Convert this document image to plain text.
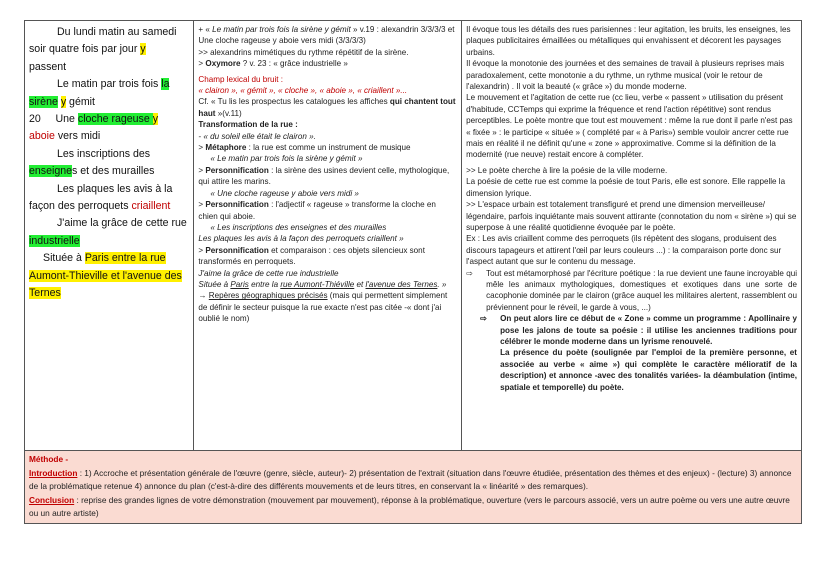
Du lundi matin au samedi
soir quatre fois par jour y
passent
Le matin par trois fois la
sirène y gémit
20     Une cloche rageuse y
aboie vers midi
Les inscriptions des
enseignes et des murailles
Les plaques les avis à la
façon des perroquets criaillent
J'aime la grâce de cette rue
industrielle
Située à Paris entre la rue
Aumont-Thieville et l'avenue des
Ternes

+ « Le matin par trois fois la sirène y gémit » v.19 : alexandrin 3/3/3/3 et Une cloche rageuse y aboie vers midi (3/3/3/3)

>> alexandrins mimétiques du rythme répétitif de la sirène.

> Oxymore ? v. 23 : « grâce industrielle »

Champ lexical du bruit :

« clairon », « gémit », « cloche », « aboie », « criaillent »...

Cf. « Tu lis les prospectus les catalogues les affiches qui chantent tout haut »(v.11)

Transformation de la rue :

- « du soleil elle était le clairon ».

> Métaphore : la rue est comme un instrument de musique

« Le matin par trois fois la sirène y gémit »

> Personnification : la sirène des usines devient celle, mythologique, qui attire les marins.

« Une cloche rageuse y aboie vers midi »

> Personnification : l'adjectif « rageuse » transforme la cloche en chien qui aboie.

« Les inscriptions des enseignes et des murailles

Les plaques les avis à la façon des perroquets criaillent »

> Personnification et comparaison : ces objets silencieux sont transformés en perroquets.

J'aime la grâce de cette rue industrielle

Située à Paris entre la rue Aumont-Thiéville et l'avenue des Ternes. »

→ Repères géographiques précisés (mais qui permettent simplement de définir le secteur puisque la rue exacte n'est pas citée -« dont j'ai oublié le nom)

Il évoque tous les détails des rues parisiennes : leur agitation, les bruits, les enseignes, les plaques publicitaires émaillées ou métalliques qui envahissent et décorent les paysages urbains.

Il évoque la monotonie des journées et des semaines de travail à plusieurs reprises mais paradoxalement, cette monotonie a du rythme, un rythme musical (voir le retour de l'alexandrin) . Il voit la beauté (« grâce ») du monde moderne.

Le mouvement et l'agitation de cette rue (cc lieu, verbe « passent » utilisation du présent d'habitude, CCTemps qui exprime la fréquence et rend l'action répétitive) sont rendus perceptibles. Le poète montre que tout est mouvement : même la rue dont il parle n'est pas « fixée » : le participe « située » ( complété par « à Paris») semble vouloir ancrer cette rue mais en réalité il ne définit qu'une « zone » approximative. Comme si la définition de la modernité (rue neuve) restait encore à compléter.

>> Le poète cherche à lire la poésie de la ville moderne.

La poésie de cette rue est comme la poésie de tout Paris, elle est sonore. Elle rappelle la dimension lyrique.

>> L'espace urbain est totalement transfiguré et prend une dimension merveilleuse/ légendaire, parfois inquiétante mais souvent attirante (connotation du nom « sirène ») qui se superpose à une réalité quotidienne évoquée par le poète.

Ex : Les avis criaillent comme des perroquets (ils répètent des slogans, produisent des discours tapageurs et attirent l'œil par leurs couleurs ...) : la comparaison porte donc sur l'aspect autant que sur le contenu du message.

⇨	Tout est métamorphosé par l'écriture poétique : la rue devient une faune incroyable qui mêle les animaux mythologiques, domestiques et exotiques dans une sorte de cacophonie dominée par le clairon (grâce auquel les militaires alertent, rassemblent ou préviennent pour le réveil, le garde à vous, ...)
⇨	On peut alors lire ce début de « Zone » comme un programme : Apollinaire y pose les jalons de toute sa poésie : il utilise les anciennes traditions pour célébrer le monde moderne dans un lyrisme renouvelé.

La présence du poète (soulignée par l'emploi de la première personne, et associée au verbe « aime ») qui complète le caractère mélioratif de la description) et annonce -avec des tonalités variées- la déambulation (intime, spatiale et temporelle) du poète.

Méthode -
Introduction : 1) Accroche et présentation générale de l'œuvre (genre, siècle, auteur)- 2) présentation de l'extrait (situation dans l'œuvre étudiée, présentation des thèmes et des enjeux) - (lecture) 3) annonce de la problématique retenue 4) annonce du plan (c'est-à-dire des différents mouvements et de leurs titres, en conservant la « linéarité » des remarques).
Conclusion : reprise des grandes lignes de votre démonstration (mouvement par mouvement), réponse à la problématique, ouverture (vers le parcours associé, vers un autre poème ou vers une autre œuvre ou un autre artiste)
